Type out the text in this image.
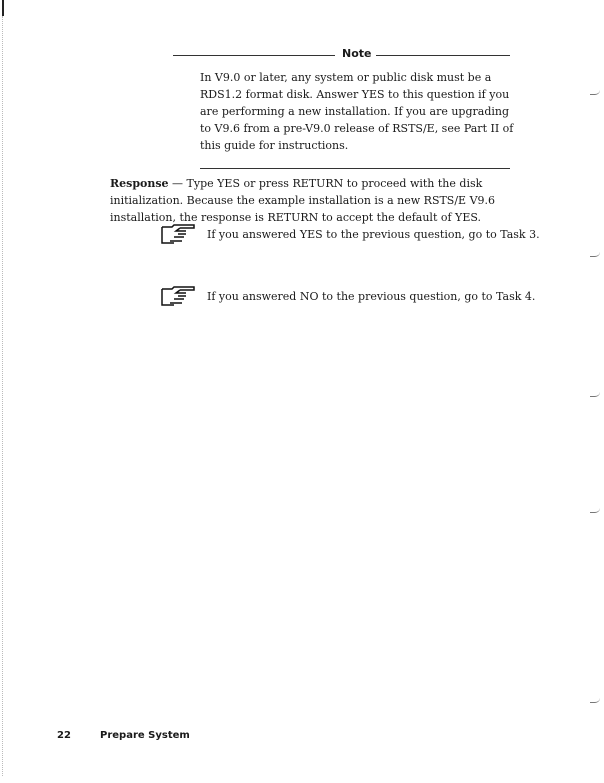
Note
In V9.0 or later, any system or public disk must be a RDS1.2 format disk. Answer YES to this question if you are performing a new installation. If you are upgrading to V9.6 from a pre-V9.0 release of RSTS/E, see Part II of this guide for instructions.
Response — Type YES or press RETURN to proceed with the disk initialization. Because the example installation is a new RSTS/E V9.6 installation, the response is RETURN to accept the default of YES.
If you answered YES to the previous question, go to Task 3.
If you answered NO to the previous question, go to Task 4.
22	Prepare System
